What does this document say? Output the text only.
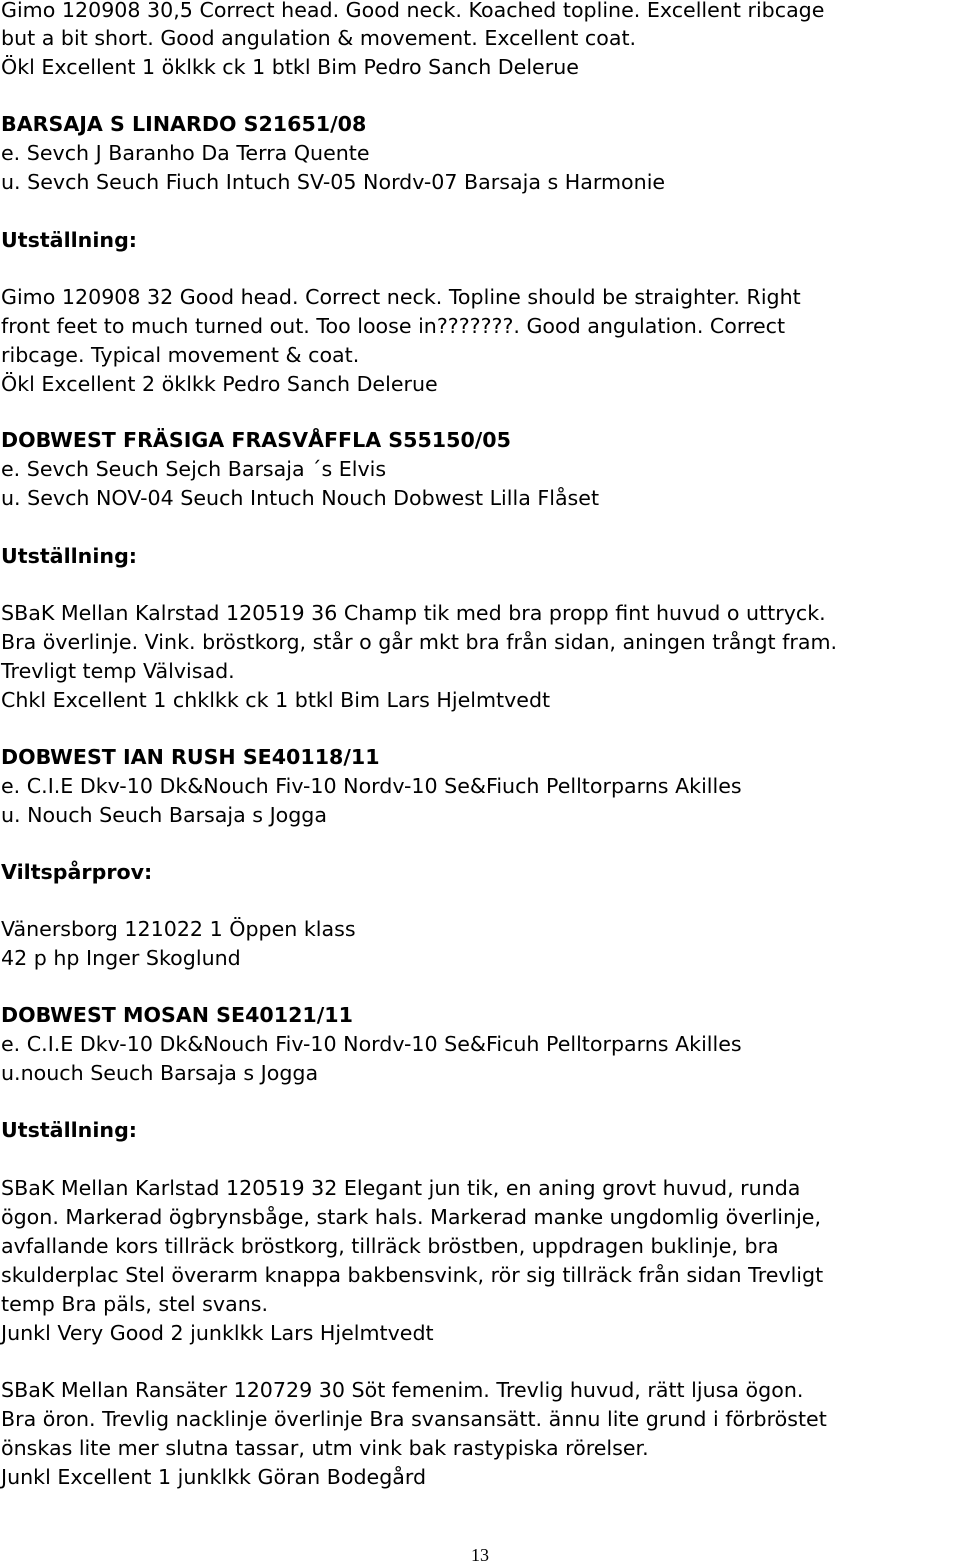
Gimo 120908 30,5 Correct head. Good neck. Koached topline. Excellent ribcage

but a bit short. Good angulation & movement. Excellent coat.

Ökl Excellent 1 öklkk ck 1 btkl Bim Pedro Sanch Delerue

BARSAJA S LINARDO S21651/08

e. Sevch J Baranho Da Terra Quente

u. Sevch Seuch Fiuch Intuch SV-05 Nordv-07 Barsaja s Harmonie

Utställning:

Gimo 120908 32 Good head. Correct neck. Topline should be straighter. Right

front feet to much turned out. Too loose in???????. Good angulation. Correct

ribcage. Typical movement & coat.

Ökl Excellent 2 öklkk Pedro Sanch Delerue

DOBWEST FRÄSIGA FRASVÅFFLA S55150/05

e. Sevch Seuch Sejch Barsaja ´s Elvis

u. Sevch NOV-04 Seuch Intuch Nouch Dobwest Lilla Flåset

Utställning:

SBaK Mellan Kalrstad 120519 36 Champ tik med bra propp fint huvud o uttryck.

Bra överlinje. Vink. bröstkorg, står o går mkt bra från sidan, aningen trångt fram.

Trevligt temp Välvisad.

Chkl Excellent 1 chklkk ck 1 btkl Bim Lars Hjelmtvedt

DOBWEST IAN RUSH SE40118/11

e. C.I.E Dkv-10 Dk&Nouch Fiv-10 Nordv-10 Se&Fiuch Pelltorparns Akilles

u. Nouch Seuch Barsaja s Jogga

Viltspårprov:

Vänersborg 121022 1 Öppen klass

42 p hp Inger Skoglund

DOBWEST MOSAN SE40121/11

e. C.I.E Dkv-10 Dk&Nouch Fiv-10 Nordv-10 Se&Ficuh Pelltorparns Akilles

u.nouch Seuch Barsaja s Jogga

Utställning:

SBaK Mellan Karlstad 120519 32 Elegant jun tik, en aning grovt huvud, runda

ögon. Markerad ögbrynsbåge, stark hals. Markerad manke ungdomlig överlinje,

avfallande kors tillräck bröstkorg, tillräck bröstben, uppdragen buklinje, bra

skulderplac Stel överarm knappa bakbensvink, rör sig tillräck från sidan Trevligt

temp Bra päls, stel svans.

Junkl Very Good 2 junklkk Lars Hjelmtvedt

SBaK Mellan Ransäter 120729 30 Söt femenim. Trevlig huvud, rätt ljusa ögon.

Bra öron. Trevlig nacklinje överlinje Bra svansansätt. ännu lite grund i förbröstet

önskas lite mer slutna tassar, utm vink bak rastypiska rörelser.

Junkl Excellent 1 junklkk Göran Bodegård

13
